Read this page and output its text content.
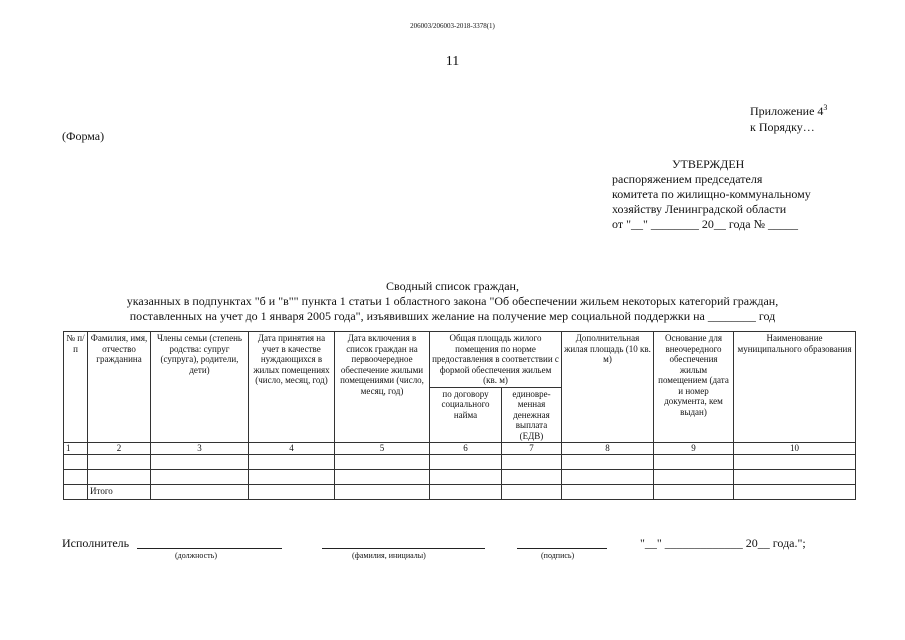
206003/206003-2018-3378(1)
11
Приложение $4^3$
к Порядку…
(Форма)
УТВЕРЖДЕН
распоряжением председателя
комитета по жилищно-коммунальному
хозяйству Ленинградской области
от "__" ________ 20__ года № _____
Сводный список граждан,
указанных в подпунктах "б и "в"" пункта 1 статьи 1 областного закона "Об обеспечении жильем некоторых категорий граждан,
поставленных на учет до 1 января 2005 года", изъявивших желание на получение мер социальной поддержки на ________ год
№ п/п	Фамилия, имя, отчество гражданина	Члены семьи (степень родства: супруг (супруга), родители, дети)	Дата принятия на учет в качестве нуждающихся в жилых помещениях (число, месяц, год)	Дата включения в список граждан на первоочередное обеспечение жилыми помещениями (число, месяц, год)	Общая площадь жилого помещения по норме предоставления в соответствии с формой обеспечения жильем (кв. м)		Дополнительная жилая площадь (10 кв. м)	Основание для внеочередного обеспечения жилым помещением (дата и номер документа, кем выдан)	Наименование муниципального образования
					по договору социального найма	единовре-менная денежная выплата (ЕДВ)			
1	2	3	4	5	6	7	8	9	10

	Итого								
Исполнитель
(должность)	(фамилия, инициалы)	(подпись)
"__" _____________ 20__ года.";
